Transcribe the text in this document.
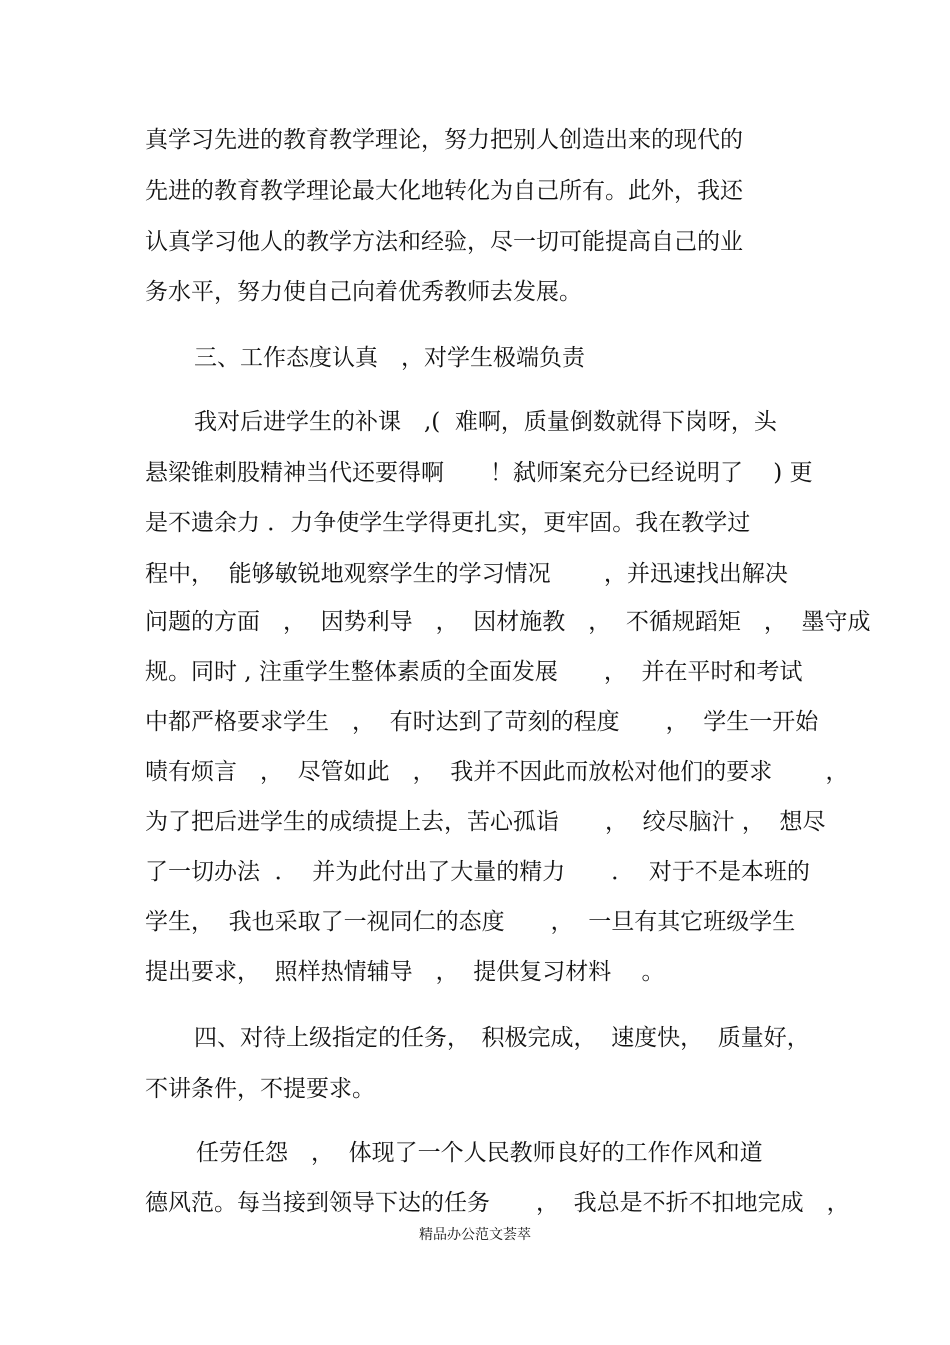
真学习先进的教育教学理论，努力把别人创造出来的现代的
先进的教育教学理论最大化地转化为自己所有。此外，我还
认真学习他人的教学方法和经验，尽一切可能提高自己的业
务水平，努力使自己向着优秀教师去发展。
三、工作态度认真　，对学生极端负责
我对后进学生的补课　,(  难啊，质量倒数就得下岗呀，头
悬梁锥刺股精神当代还要得啊　　！弑师案充分已经说明了　 ) 更
是不遗余力 ．力争使学生学得更扎实，更牢固。我在教学过
程中，  能够敏锐地观察学生的学习情况　　 ，并迅速找出解决
问题的方面　，  因势利导　，  因材施教　，  不循规蹈矩　，  墨守成
规。同时 , 注重学生整体素质的全面发展　　，  并在平时和考试
中都严格要求学生　，  有时达到了苛刻的程度　　，  学生一开始
啧有烦言　，  尽管如此　，  我并不因此而放松对他们的要求　　 ，
为了把后进学生的成绩提上去，苦心孤诣　　，  绞尽脑汁 ，  想尽
了一切办法  ．  并为此付出了大量的精力　　．  对于不是本班的
学生，  我也采取了一视同仁的态度　　，  一旦有其它班级学生
提出要求，  照样热情辅导　，  提供复习材料　 。
四、对待上级指定的任务，　积极完成，  速度快，  质量好，
不讲条件，不提要求。
任劳任怨　，  体现了一个人民教师良好的工作作风和道
德风范。每当接到领导下达的任务　　，  我总是不折不扣地完成　，
精品办公范文荟萃
